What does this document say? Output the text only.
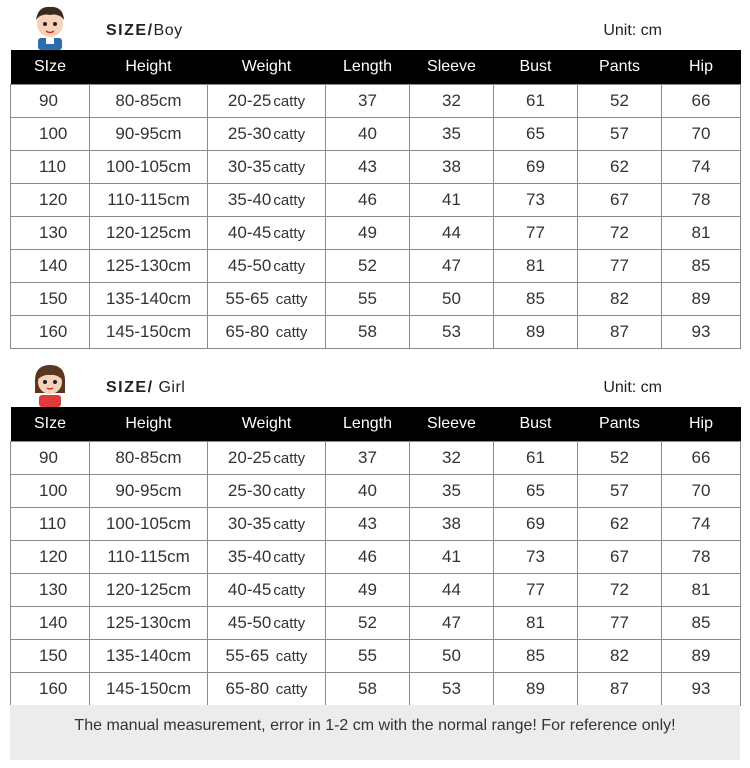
SIZE/Boy	Unit: cm
SIze	Height	Weight	Length	Sleeve	Bust	Pants	Hip
90	80-85cm	20-25 catty	37	32	61	52	66
100	90-95cm	25-30 catty	40	35	65	57	70
110	100-105cm	30-35 catty	43	38	69	62	74
120	110-115cm	35-40 catty	46	41	73	67	78
130	120-125cm	40-45 catty	49	44	77	72	81
140	125-130cm	45-50 catty	52	47	81	77	85
150	135-140cm	55-65 catty	55	50	85	82	89
160	145-150cm	65-80 catty	58	53	89	87	93
SIZE/ Girl	Unit: cm
SIze	Height	Weight	Length	Sleeve	Bust	Pants	Hip
90	80-85cm	20-25 catty	37	32	61	52	66
100	90-95cm	25-30 catty	40	35	65	57	70
110	100-105cm	30-35 catty	43	38	69	62	74
120	110-115cm	35-40 catty	46	41	73	67	78
130	120-125cm	40-45 catty	49	44	77	72	81
140	125-130cm	45-50 catty	52	47	81	77	85
150	135-140cm	55-65 catty	55	50	85	82	89
160	145-150cm	65-80 catty	58	53	89	87	93
The manual measurement, error in 1-2 cm with the normal range! For reference only!
